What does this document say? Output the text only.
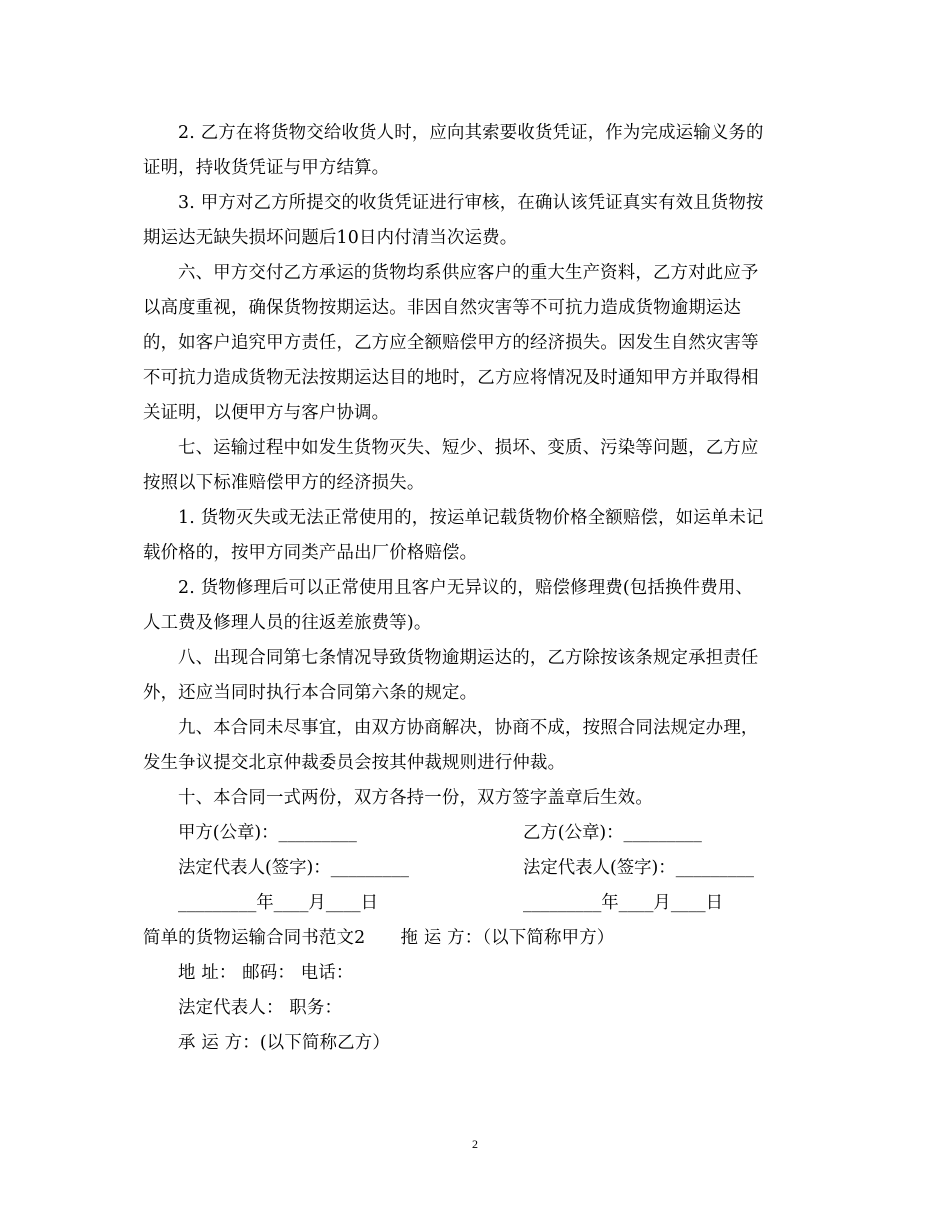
2. 乙方在将货物交给收货人时，应向其索要收货凭证，作为完成运输义务的

证明，持收货凭证与甲方结算。

3. 甲方对乙方所提交的收货凭证进行审核，在确认该凭证真实有效且货物按

期运达无缺失损坏问题后10日内付清当次运费。

六、甲方交付乙方承运的货物均系供应客户的重大生产资料，乙方对此应予

以高度重视，确保货物按期运达。非因自然灾害等不可抗力造成货物逾期运达

的，如客户追究甲方责任，乙方应全额赔偿甲方的经济损失。因发生自然灾害等

不可抗力造成货物无法按期运达目的地时，乙方应将情况及时通知甲方并取得相

关证明，以便甲方与客户协调。

七、运输过程中如发生货物灭失、短少、损坏、变质、污染等问题，乙方应

按照以下标准赔偿甲方的经济损失。

1. 货物灭失或无法正常使用的，按运单记载货物价格全额赔偿，如运单未记

载价格的，按甲方同类产品出厂价格赔偿。

2. 货物修理后可以正常使用且客户无异议的，赔偿修理费(包括换件费用、

人工费及修理人员的往返差旅费等)。

八、出现合同第七条情况导致货物逾期运达的，乙方除按该条规定承担责任

外，还应当同时执行本合同第六条的规定。

九、本合同未尽事宜，由双方协商解决，协商不成，按照合同法规定办理，

发生争议提交北京仲裁委员会按其仲裁规则进行仲裁。

十、本合同一式两份，双方各持一份，双方签字盖章后生效。

甲方(公章)：_________	乙方(公章)：_________
法定代表人(签字)：_________	法定代表人(签字)：_________
_________年____月____日	_________年____月____日

简单的货物运输合同书范文2　　拖 运 方：（以下简称甲方）

地 址： 邮码： 电话：

法定代表人： 职务：

承 运 方：(以下简称乙方）

2
